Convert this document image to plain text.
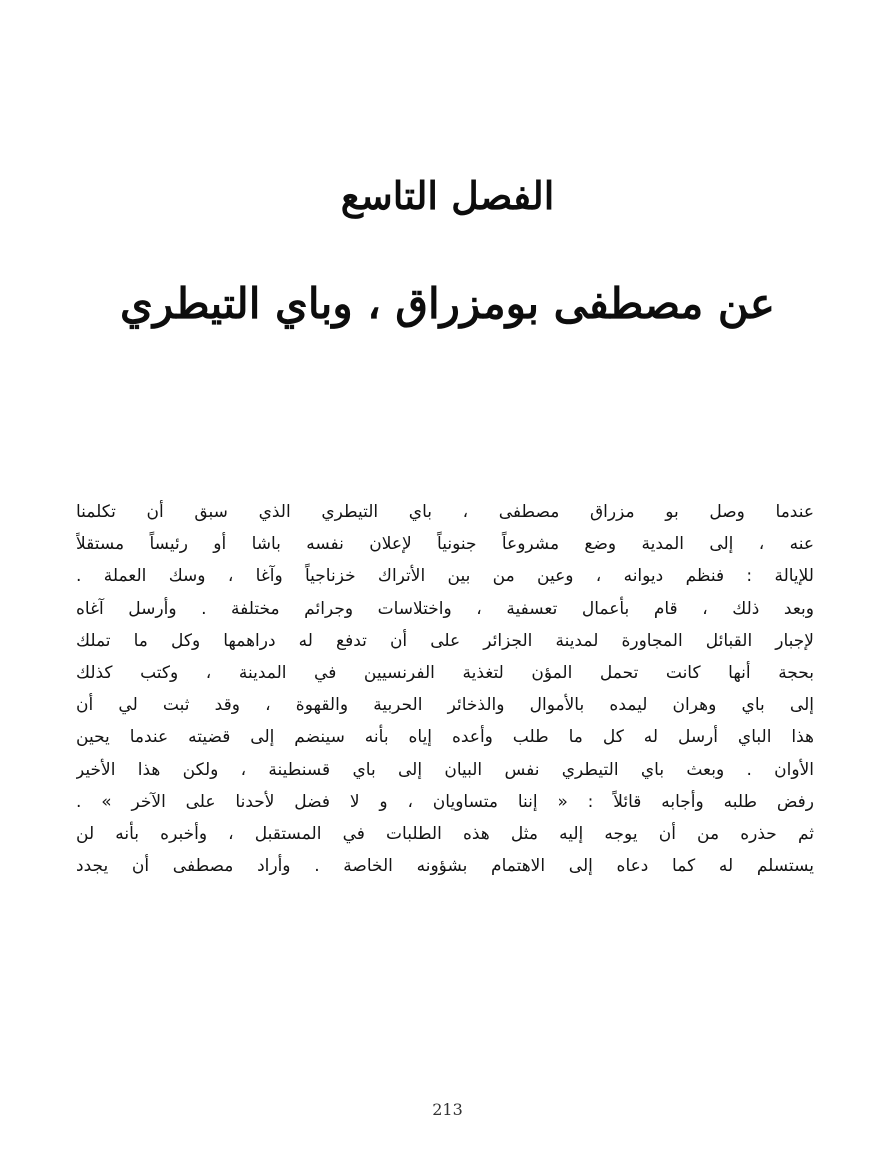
الفصل التاسع
عن مصطفى بومزراق ، وباي التيطري
عندما وصل بو مزراق مصطفى ، باي التيطري الذي سبق أن تكلمنا
عنه ، إلى المدية وضع مشروعاً جنونياً لإعلان نفسه باشا أو رئيساً مستقلاً
للإيالة : فنظم ديوانه ، وعين من بين الأتراك خزناجياً وآغا ، وسك العملة .
وبعد ذلك ، قام بأعمال تعسفية ، واختلاسات وجرائم مختلفة . وأرسل آغاه
لإجبار القبائل المجاورة لمدينة الجزائر على أن تدفع له دراهمها وكل ما تملك
بحجة أنها كانت تحمل المؤن لتغذية الفرنسيين في المدينة ، وكتب كذلك
إلى باي وهران ليمده بالأموال والذخائر الحربية والقهوة ، وقد ثبت لي أن
هذا الباي أرسل له كل ما طلب وأعده إياه بأنه سينضم إلى قضيته عندما يحين
الأوان . وبعث باي التيطري نفس البيان إلى باي قسنطينة ، ولكن هذا الأخير
رفض طلبه وأجابه قائلاً : « إننا متساويان ، و لا فضل لأحدنا على الآخر » .
ثم حذره من أن يوجه إليه مثل هذه الطلبات في المستقبل ، وأخبره بأنه لن
يستسلم له كما دعاه إلى الاهتمام بشؤونه الخاصة . وأراد مصطفى أن يجدد
213
